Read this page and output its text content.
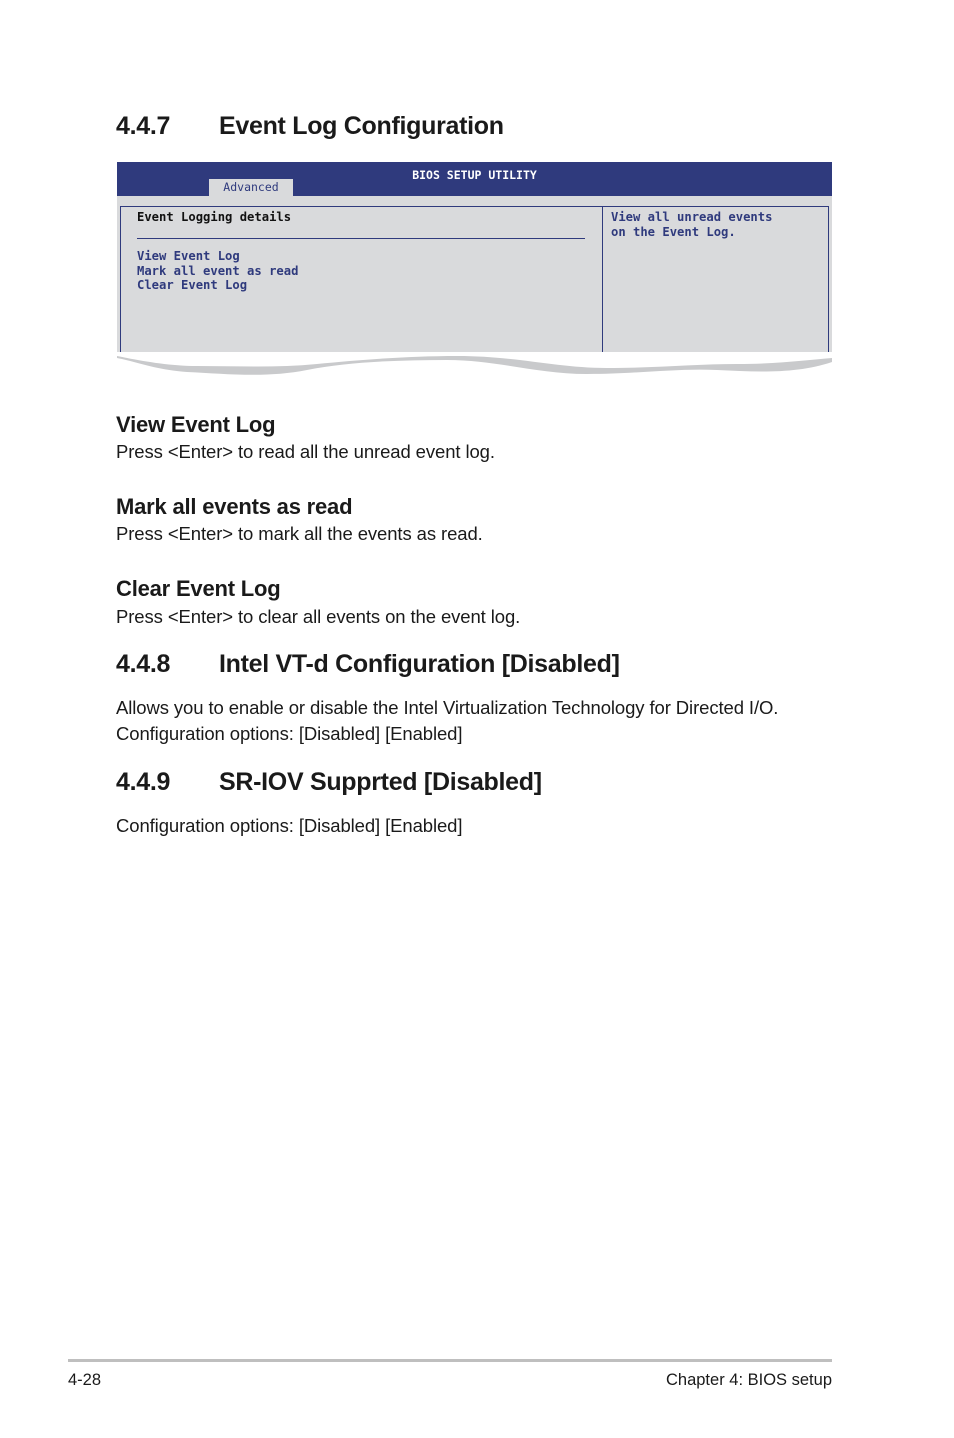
4.4.7 Event Log Configuration
BIOS SETUP UTILITY
Advanced
Event Logging details
View Event Log
Mark all event as read
Clear Event Log
View all unread events
on the Event Log.
View Event Log
Press <Enter> to read all the unread event log.
Mark all events as read
Press <Enter> to mark all the events as read.
Clear Event Log
Press <Enter> to clear all events on the event log.
4.4.8 Intel VT-d Configuration [Disabled]
Allows you to enable or disable the Intel Virtualization Technology for Directed I/O.
Configuration options: [Disabled] [Enabled]
4.4.9 SR-IOV Supprted [Disabled]
Configuration options: [Disabled] [Enabled]
4-28	Chapter 4: BIOS setup
